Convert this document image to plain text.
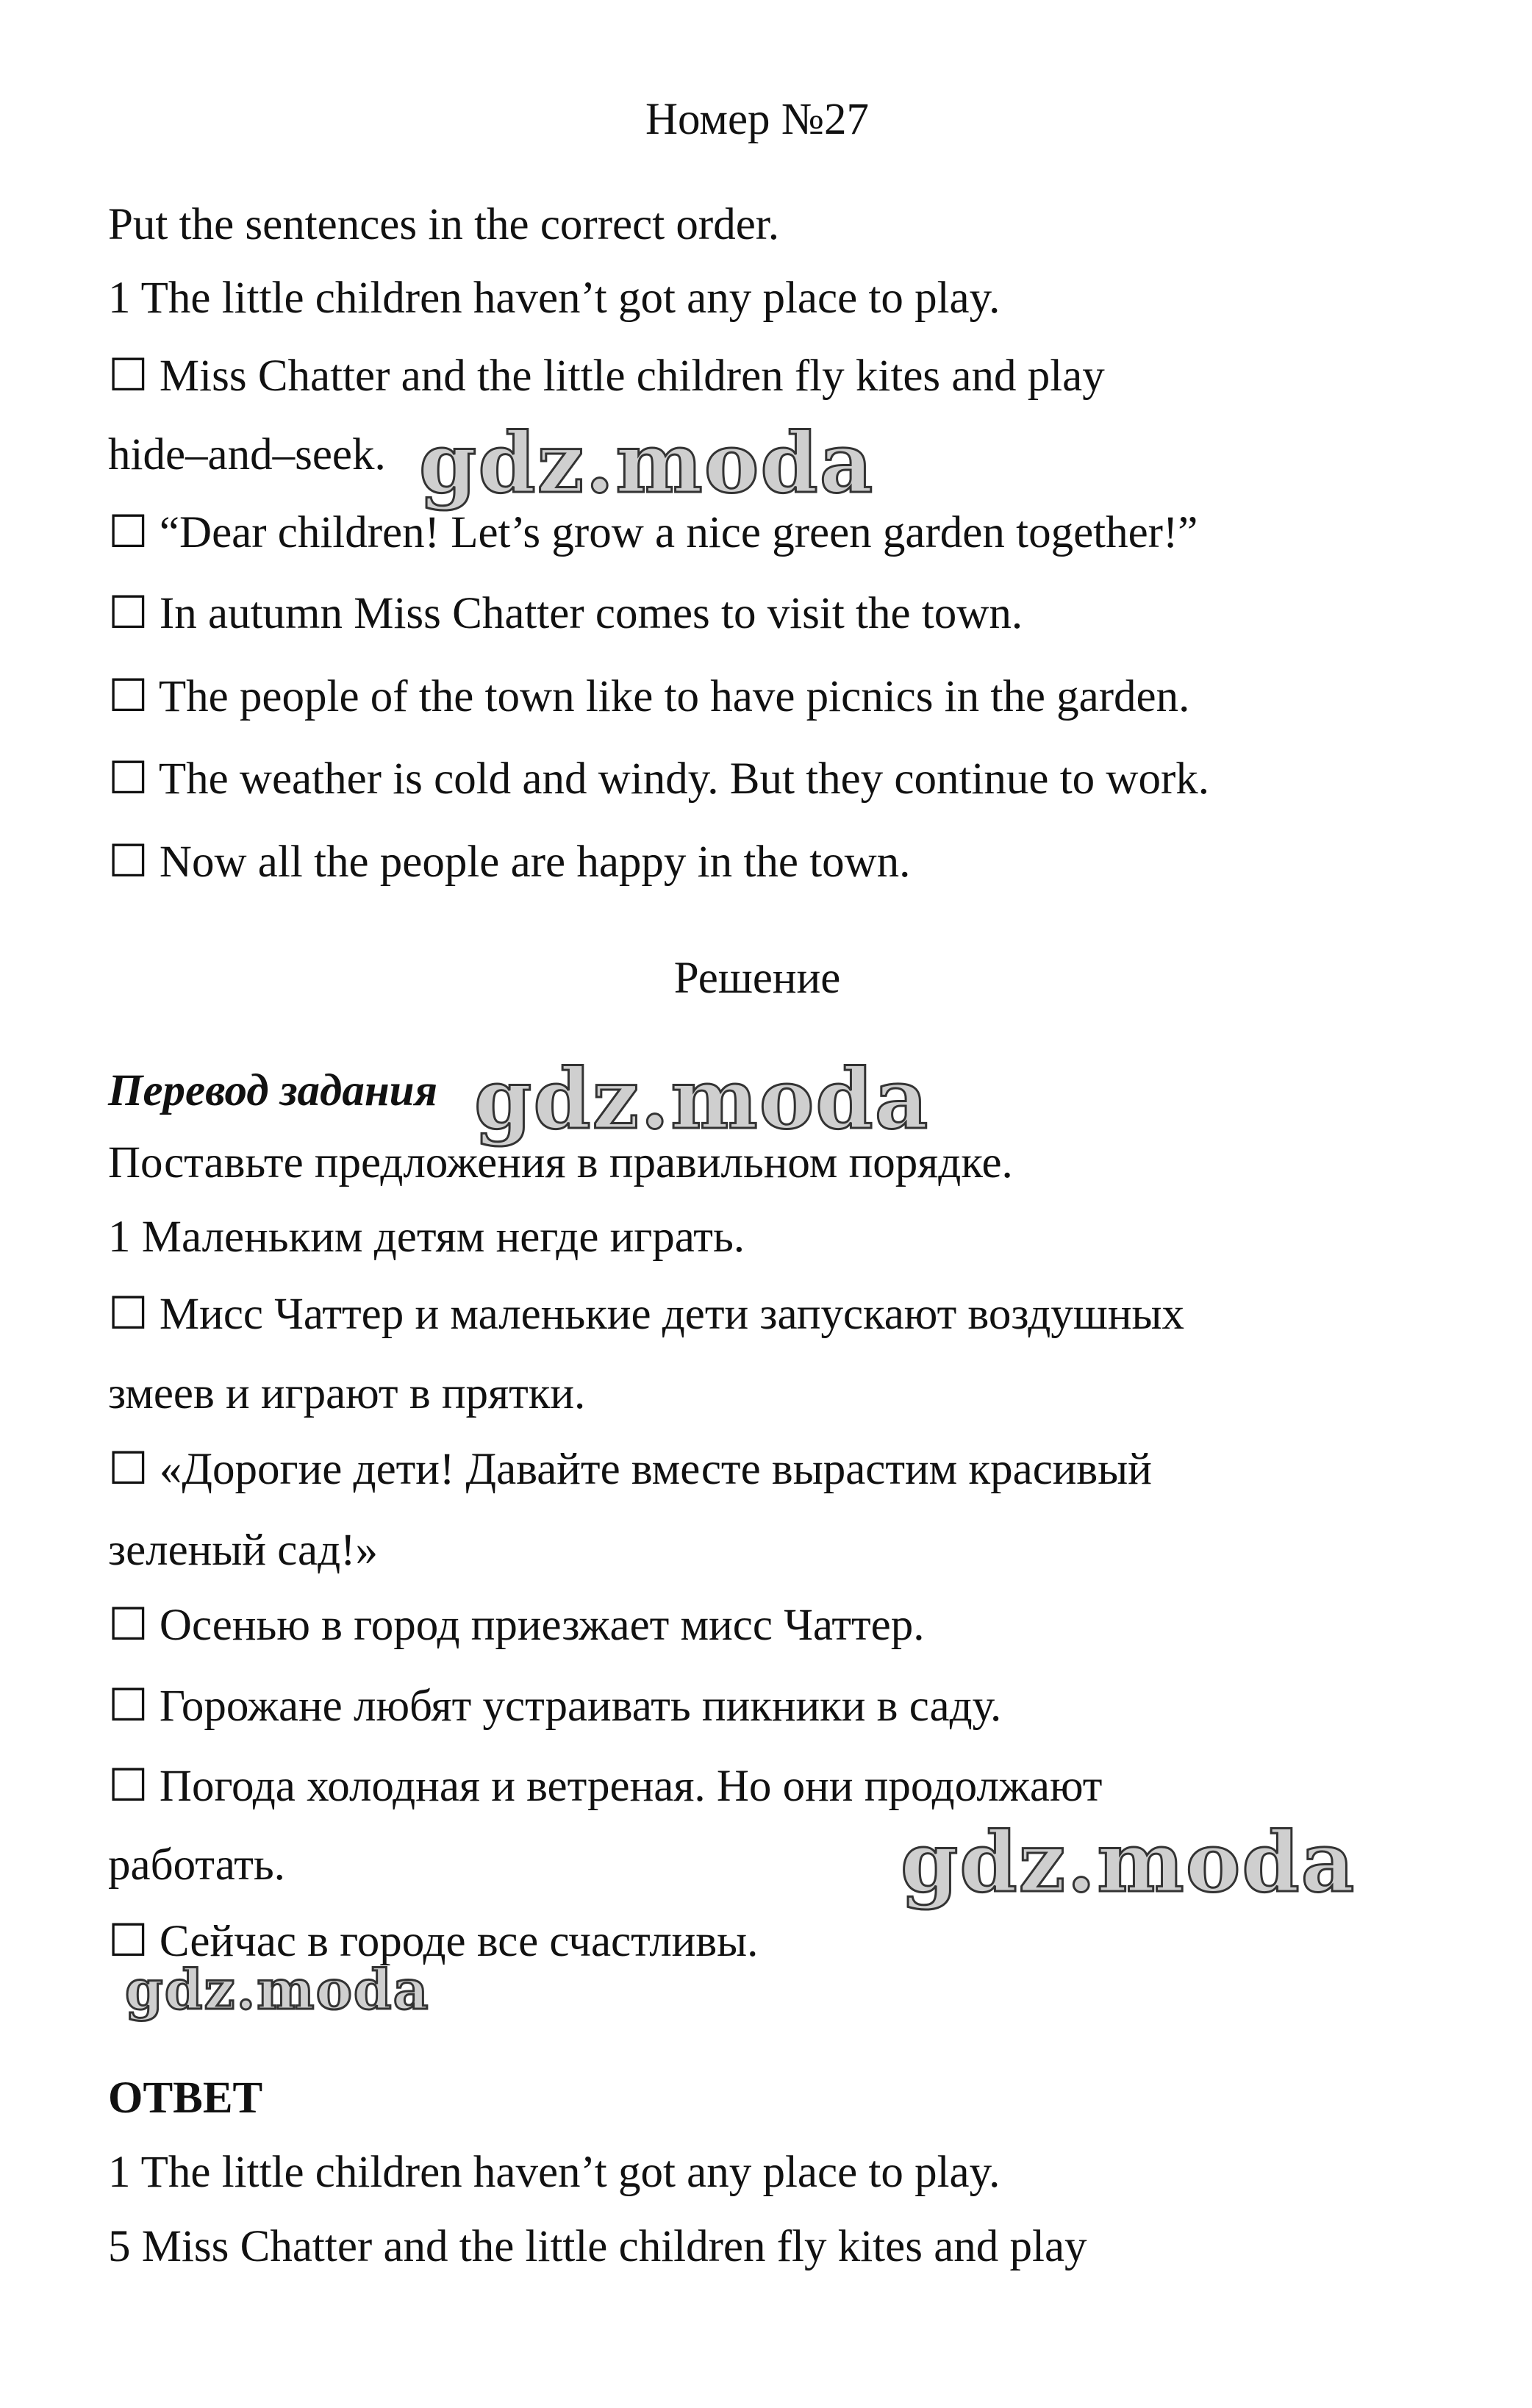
Номер №27
Put the sentences in the correct order.
1 The little children haven’t got any place to play.
☐ Miss Chatter and the little children fly kites and play
hide–and–seek.
☐ “Dear children! Let’s grow a nice green garden together!”
☐ In autumn Miss Chatter comes to visit the town.
☐ The people of the town like to have picnics in the garden.
☐ The weather is cold and windy. But they continue to work.
☐ Now all the people are happy in the town.
Решение
Перевод задания
Поставьте предложения в правильном порядке.
1 Маленьким детям негде играть.
☐ Мисс Чаттер и маленькие дети запускают воздушных
змеев и играют в прятки.
☐ «Дорогие дети! Давайте вместе вырастим красивый
зеленый сад!»
☐ Осенью в город приезжает мисс Чаттер.
☐ Горожане любят устраивать пикники в саду.
☐ Погода холодная и ветреная. Но они продолжают
работать.
☐ Сейчас в городе все счастливы.
ОТВЕТ
1 The little children haven’t got any place to play.
5 Miss Chatter and the little children fly kites and play
gdz.moda
gdz.moda
gdz.moda
gdz.moda
